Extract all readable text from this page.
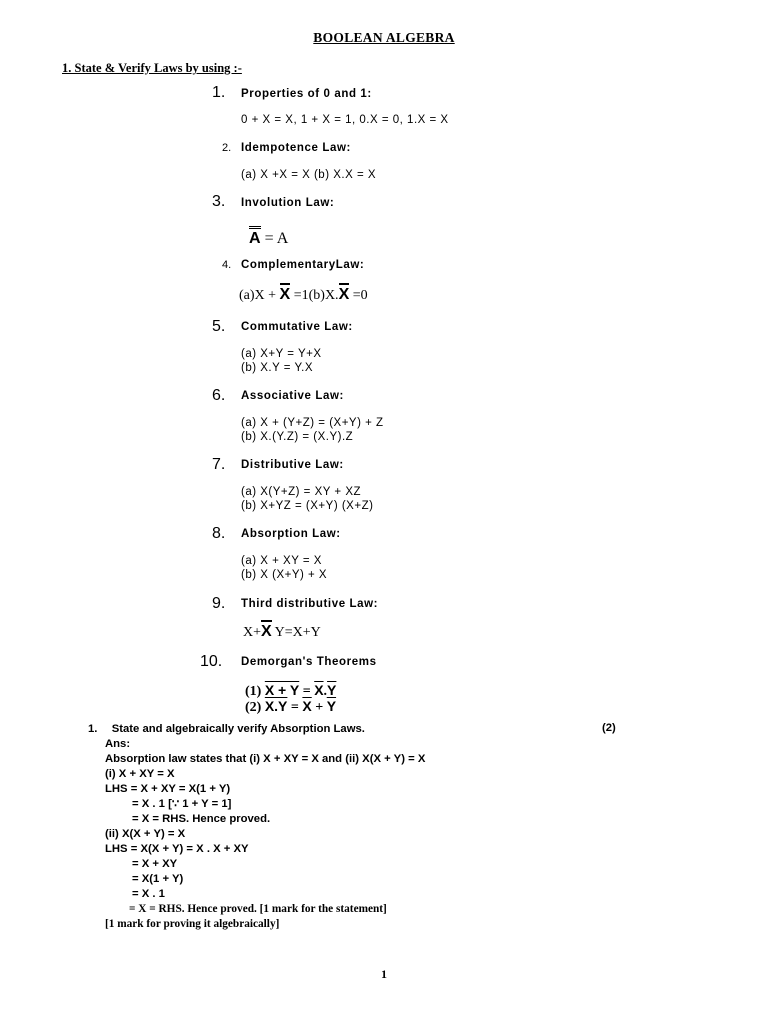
BOOLEAN ALGEBRA
1. State & Verify Laws by using :-
1. Properties of 0 and 1:
0 + X = X, 1 + X = 1, 0.X = 0, 1.X = X
2. Idempotence Law:
(a) X +X = X (b) X.X = X
3. Involution Law:
A = A
4. ComplementaryLaw:
(a)X + X =1(b)X.X =0
5. Commutative Law:
(a) X+Y = Y+X
(b) X.Y = Y.X
6. Associative Law:
(a) X + (Y+Z) = (X+Y) + Z
(b) X.(Y.Z) = (X.Y).Z
7. Distributive Law:
(a) X(Y+Z) = XY + XZ
(b) X+YZ = (X+Y) (X+Z)
8. Absorption Law:
(a) X + XY = X
(b) X (X+Y) + X
9. Third distributive Law:
X+X Y=X+Y
10. Demorgan's Theorems
(1) $X + Y = \overline{X}.\overline{Y}$
(2) $X.Y = \overline{X} + \overline{Y}$
1. State and algebraically verify Absorption Laws.
Ans:
Absorption law states that (i) X + XY = X and (ii) X(X + Y) = X
(i) X + XY = X
LHS = X + XY = X(1 + Y)
= X . 1 [∵ 1 + Y = 1]
= X = RHS. Hence proved.
(ii) X(X + Y) = X
LHS = X(X + Y) = X . X + XY
= X + XY
= X(1 + Y)
= X . 1
= X = RHS. Hence proved. [1 mark for the statement]
[1 mark for proving it algebraically]
(2)
1
